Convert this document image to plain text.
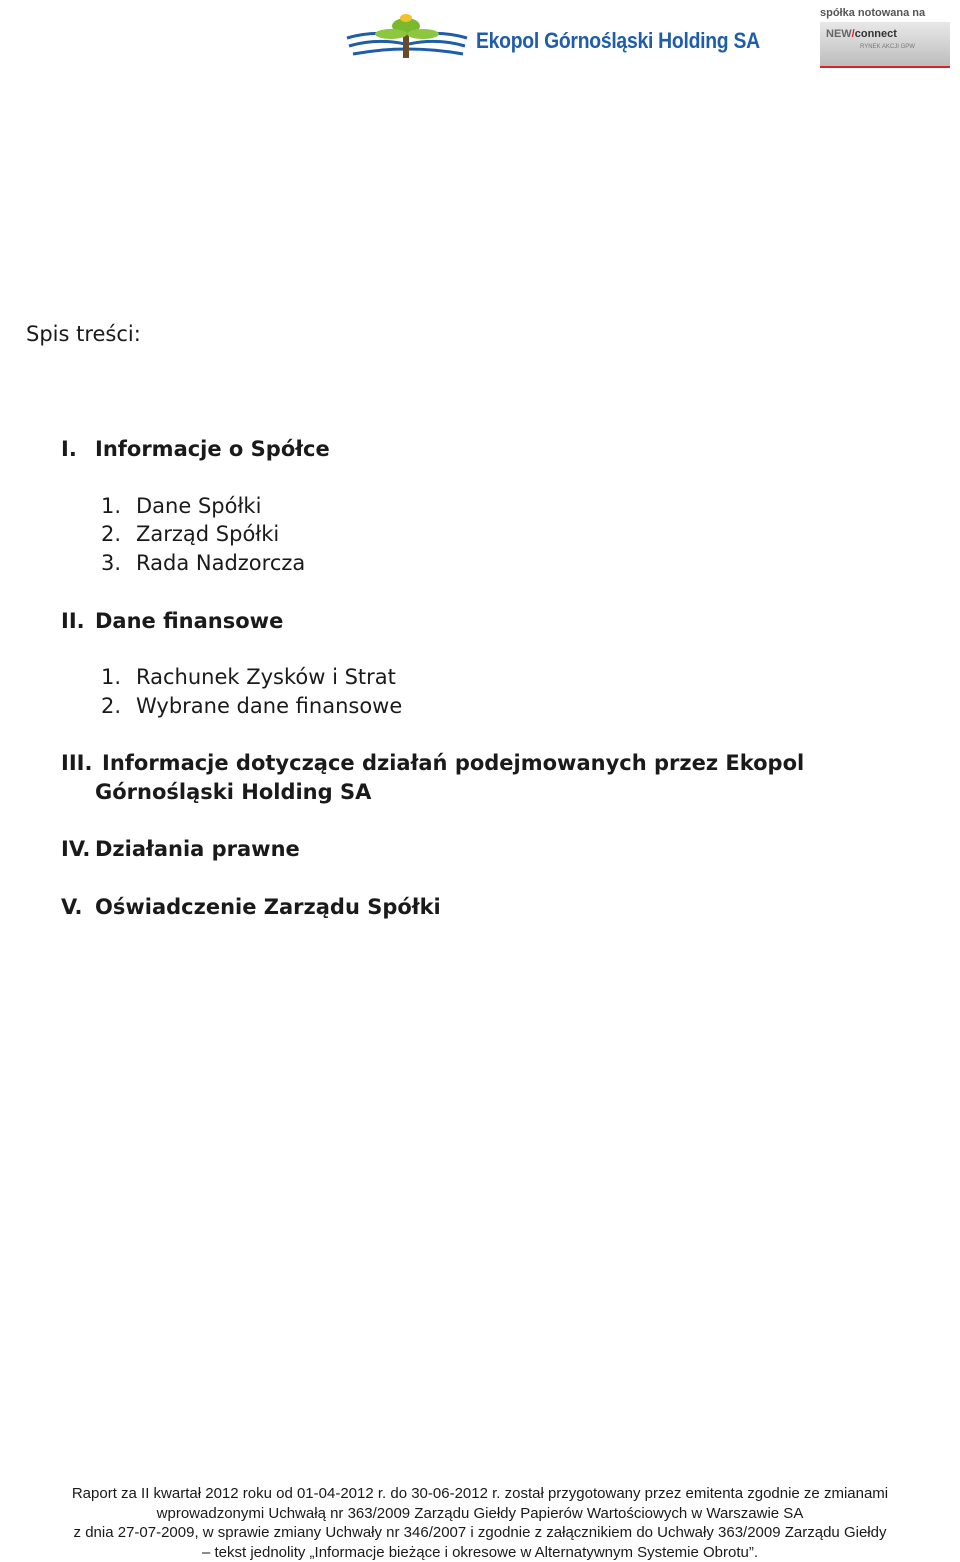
Ekopol Górnośląski Holding SA
spółka notowana na
NEW/connect
RYNEK AKCJI GPW
Spis treści:
I. Informacje o Spółce
1. Dane Spółki
2. Zarząd Spółki
3. Rada Nadzorcza
II. Dane finansowe
1. Rachunek Zysków i Strat
2. Wybrane dane finansowe
III. Informacje dotyczące działań podejmowanych przez Ekopol
Górnośląski Holding SA
IV. Działania prawne
V. Oświadczenie Zarządu Spółki
Raport za II kwartał 2012 roku od 01-04-2012 r. do 30-06-2012 r. został przygotowany przez emitenta zgodnie ze zmianami
wprowadzonymi Uchwałą nr 363/2009 Zarządu Giełdy Papierów Wartościowych w Warszawie SA
z dnia 27-07-2009, w sprawie zmiany Uchwały nr 346/2007 i zgodnie z załącznikiem do Uchwały 363/2009 Zarządu Giełdy
– tekst jednolity „Informacje bieżące i okresowe w Alternatywnym Systemie Obrotu”.
